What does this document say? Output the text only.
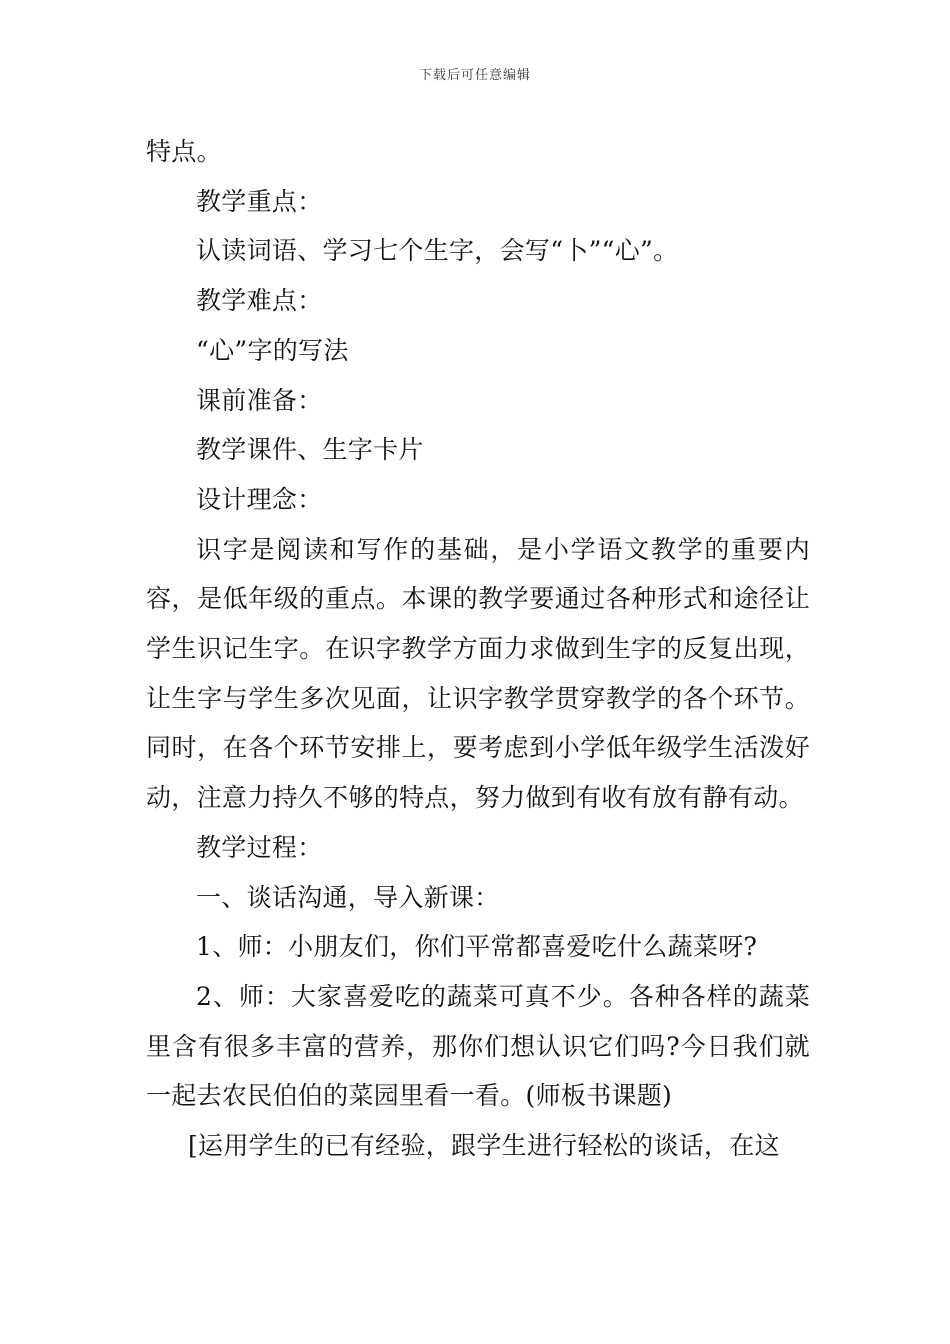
下载后可任意编辑

特点。

教学重点：

认读词语、学习七个生字，会写“卜”“心”。

教学难点：

“心”字的写法

课前准备：

教学课件、生字卡片

设计理念：

识字是阅读和写作的基础，是小学语文教学的重要内容，是低年级的重点。本课的教学要通过各种形式和途径让学生识记生字。在识字教学方面力求做到生字的反复出现，让生字与学生多次见面，让识字教学贯穿教学的各个环节。同时，在各个环节安排上，要考虑到小学低年级学生活泼好动，注意力持久不够的特点，努力做到有收有放有静有动。

教学过程：

一、谈话沟通，导入新课：

1、师：小朋友们，你们平常都喜爱吃什么蔬菜呀?

2、师：大家喜爱吃的蔬菜可真不少。各种各样的蔬菜里含有很多丰富的营养，那你们想认识它们吗?今日我们就一起去农民伯伯的菜园里看一看。(师板书课题)

[运用学生的已有经验，跟学生进行轻松的谈话，在这
